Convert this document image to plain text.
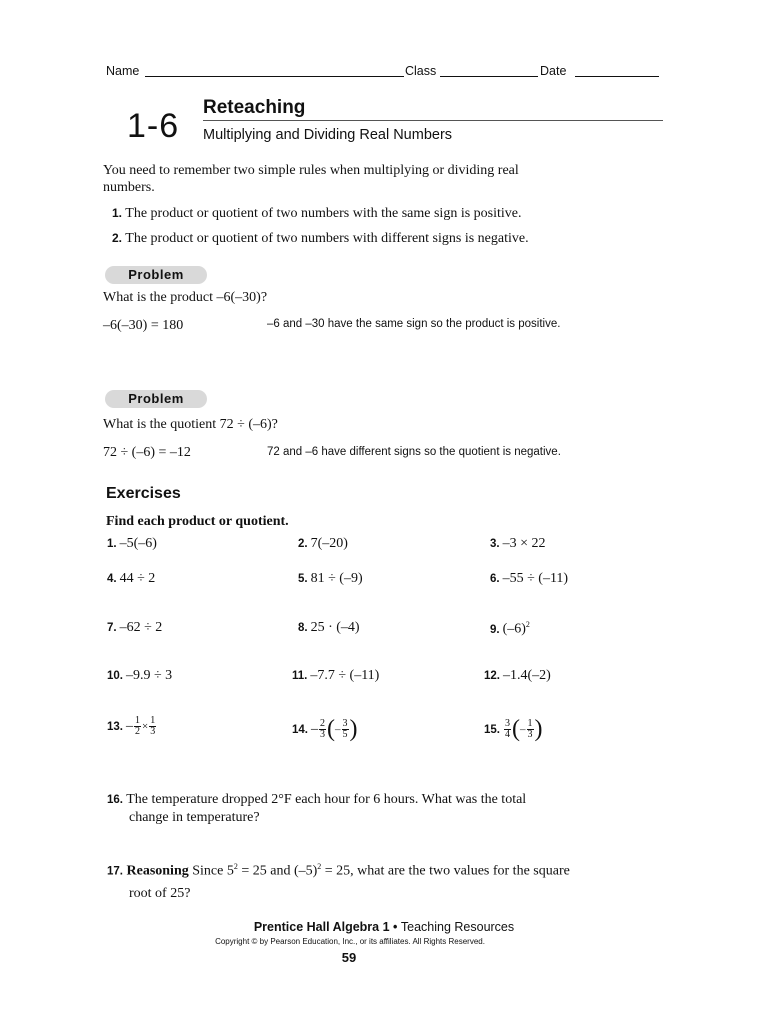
Name	Class	Date
1-6 Reteaching
Multiplying and Dividing Real Numbers
You need to remember two simple rules when multiplying or dividing real numbers.
1. The product or quotient of two numbers with the same sign is positive.
2. The product or quotient of two numbers with different signs is negative.
Problem
What is the product –6(–30)?
–6(–30) = 180	–6 and –30 have the same sign so the product is positive.
Problem
What is the quotient 72 ÷ (–6)?
72 ÷ (–6) = –12	72 and –6 have different signs so the quotient is negative.
Exercises
Find each product or quotient.
1. –5(–6)	2. 7(–20)	3. –3 × 22
4. 44 ÷ 2	5. 81 ÷ (–9)	6. –55 ÷ (–11)
7. –62 ÷ 2	8. 25 · (–4)	9. $(-6)^2$
10. –9.9 ÷ 3	11. –7.7 ÷ (–11)	12. –1.4(–2)
13. – $\frac{1}{2} \times \frac{1}{3}$	14. – $\frac{2}{3}$ (– $\frac{3}{5}$ )	15. $\frac{3}{4}$ (– $\frac{1}{3}$ )
16. The temperature dropped 2°F each hour for 6 hours. What was the total
change in temperature?
17. Reasoning Since $5^2 = 25$ and $(-5)^2 = 25$, what are the two values for the square
root of 25?
Prentice Hall Algebra 1 • Teaching Resources
Copyright © by Pearson Education, Inc., or its affiliates. All Rights Reserved.
59
